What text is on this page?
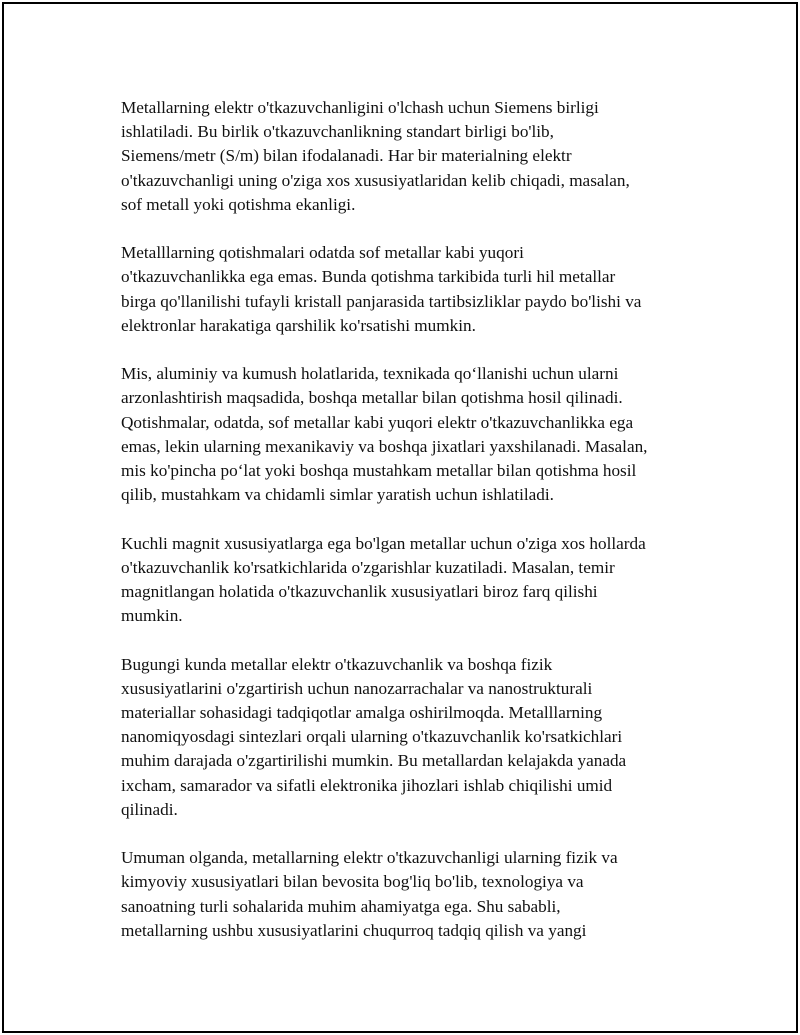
Metallarning elektr o'tkazuvchanligini o'lchash uchun Siemens birligi
ishlatiladi. Bu birlik o'tkazuvchanlikning standart birligi bo'lib,
Siemens/metr (S/m) bilan ifodalanadi. Har bir materialning elektr
o'tkazuvchanligi uning o'ziga xos xususiyatlaridan kelib chiqadi, masalan,
sof metall yoki qotishma ekanligi.

Metalllarning qotishmalari odatda sof metallar kabi yuqori
o'tkazuvchanlikka ega emas. Bunda qotishma tarkibida turli hil metallar
birga qo'llanilishi tufayli kristall panjarasida tartibsizliklar paydo bo'lishi va
elektronlar harakatiga qarshilik ko'rsatishi mumkin.

Mis, aluminiy va kumush holatlarida, texnikada qo‘llanishi uchun ularni
arzonlashtirish maqsadida, boshqa metallar bilan qotishma hosil qilinadi.
Qotishmalar, odatda, sof metallar kabi yuqori elektr o'tkazuvchanlikka ega
emas, lekin ularning mexanikaviy va boshqa jixatlari yaxshilanadi. Masalan,
mis ko'pincha po‘lat yoki boshqa mustahkam metallar bilan qotishma hosil
qilib, mustahkam va chidamli simlar yaratish uchun ishlatiladi.

Kuchli magnit xususiyatlarga ega bo'lgan metallar uchun o'ziga xos hollarda
o'tkazuvchanlik ko'rsatkichlarida o'zgarishlar kuzatiladi. Masalan, temir
magnitlangan holatida o'tkazuvchanlik xususiyatlari biroz farq qilishi
mumkin.

Bugungi kunda metallar elektr o'tkazuvchanlik va boshqa fizik
xususiyatlarini o'zgartirish uchun nanozarrachalar va nanostrukturali
materiallar sohasidagi tadqiqotlar amalga oshirilmoqda. Metalllarning
nanomiqyosdagi sintezlari orqali ularning o'tkazuvchanlik ko'rsatkichlari
muhim darajada o'zgartirilishi mumkin. Bu metallardan kelajakda yanada
ixcham, samarador va sifatli elektronika jihozlari ishlab chiqilishi umid
qilinadi.

Umuman olganda, metallarning elektr o'tkazuvchanligi ularning fizik va
kimyoviy xususiyatlari bilan bevosita bog'liq bo'lib, texnologiya va
sanoatning turli sohalarida muhim ahamiyatga ega. Shu sababli,
metallarning ushbu xususiyatlarini chuqurroq tadqiq qilish va yangi
